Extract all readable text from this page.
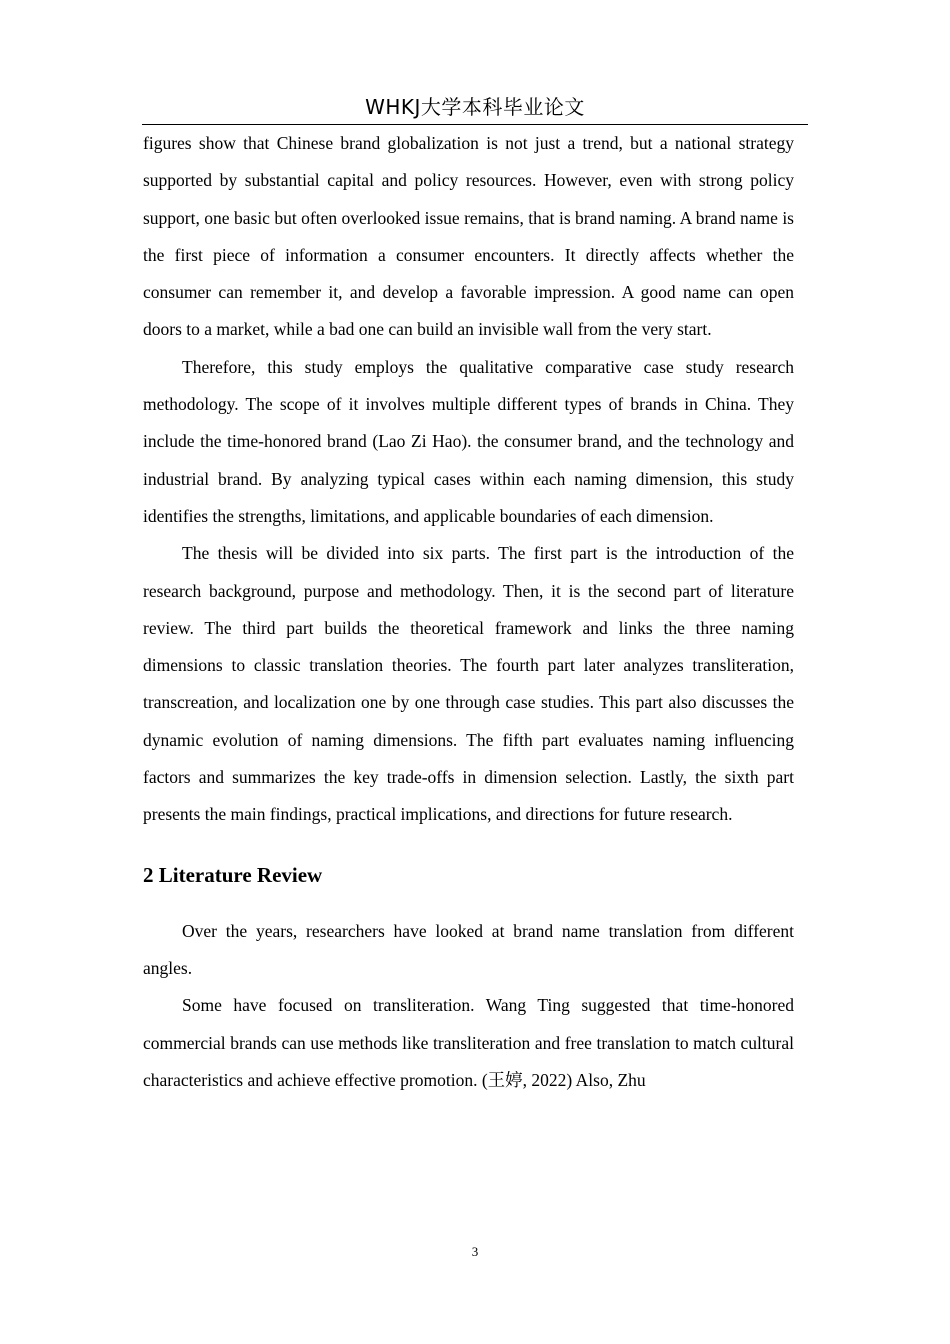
WHKJ大学本科毕业论文

figures show that Chinese brand globalization is not just a trend, but a national strategy supported by substantial capital and policy resources. However, even with strong policy support, one basic but often overlooked issue remains, that is brand naming. A brand name is the first piece of information a consumer encounters. It directly affects whether the consumer can remember it, and develop a favorable impression. A good name can open doors to a market, while a bad one can build an invisible wall from the very start.

Therefore, this study employs the qualitative comparative case study research methodology. The scope of it involves multiple different types of brands in China. They include the time-honored brand (Lao Zi Hao). the consumer brand, and the technology and industrial brand. By analyzing typical cases within each naming dimension, this study identifies the strengths, limitations, and applicable boundaries of each dimension.

The thesis will be divided into six parts. The first part is the introduction of the research background, purpose and methodology. Then, it is the second part of literature review. The third part builds the theoretical framework and links the three naming dimensions to classic translation theories. The fourth part later analyzes transliteration, transcreation, and localization one by one through case studies. This part also discusses the dynamic evolution of naming dimensions. The fifth part evaluates naming influencing factors and summarizes the key trade-offs in dimension selection. Lastly, the sixth part presents the main findings, practical implications, and directions for future research.

2 Literature Review

Over the years, researchers have looked at brand name translation from different angles.

Some have focused on transliteration. Wang Ting suggested that time-honored commercial brands can use methods like transliteration and free translation to match cultural characteristics and achieve effective promotion. (王婷, 2022) Also, Zhu

3
